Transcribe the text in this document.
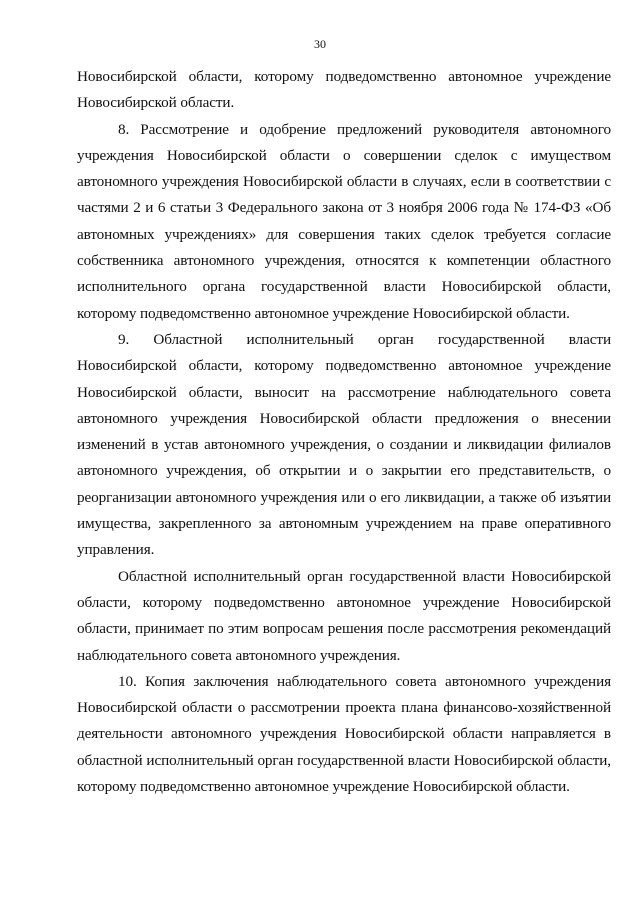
30

Новосибирской области, которому подведомственно автономное учреждение Новосибирской области.

8. Рассмотрение и одобрение предложений руководителя автономного учреждения Новосибирской области о совершении сделок с имуществом автономного учреждения Новосибирской области в случаях, если в соответствии с частями 2 и 6 статьи 3 Федерального закона от 3 ноября 2006 года № 174-ФЗ «Об автономных учреждениях» для совершения таких сделок требуется согласие собственника автономного учреждения, относятся к компетенции областного исполнительного органа государственной власти Новосибирской области, которому подведомственно автономное учреждение Новосибирской области.

9. Областной исполнительный орган государственной власти Новосибирской области, которому подведомственно автономное учреждение Новосибирской области, выносит на рассмотрение наблюдательного совета автономного учреждения Новосибирской области предложения о внесении изменений в устав автономного учреждения, о создании и ликвидации филиалов автономного учреждения, об открытии и о закрытии его представительств, о реорганизации автономного учреждения или о его ликвидации, а также об изъятии имущества, закрепленного за автономным учреждением на праве оперативного управления.

Областной исполнительный орган государственной власти Новосибирской области, которому подведомственно автономное учреждение Новосибирской области, принимает по этим вопросам решения после рассмотрения рекомендаций наблюдательного совета автономного учреждения.

10. Копия заключения наблюдательного совета автономного учреждения Новосибирской области о рассмотрении проекта плана финансово-хозяйственной деятельности автономного учреждения Новосибирской области направляется в областной исполнительный орган государственной власти Новосибирской области, которому подведомственно автономное учреждение Новосибирской области.
